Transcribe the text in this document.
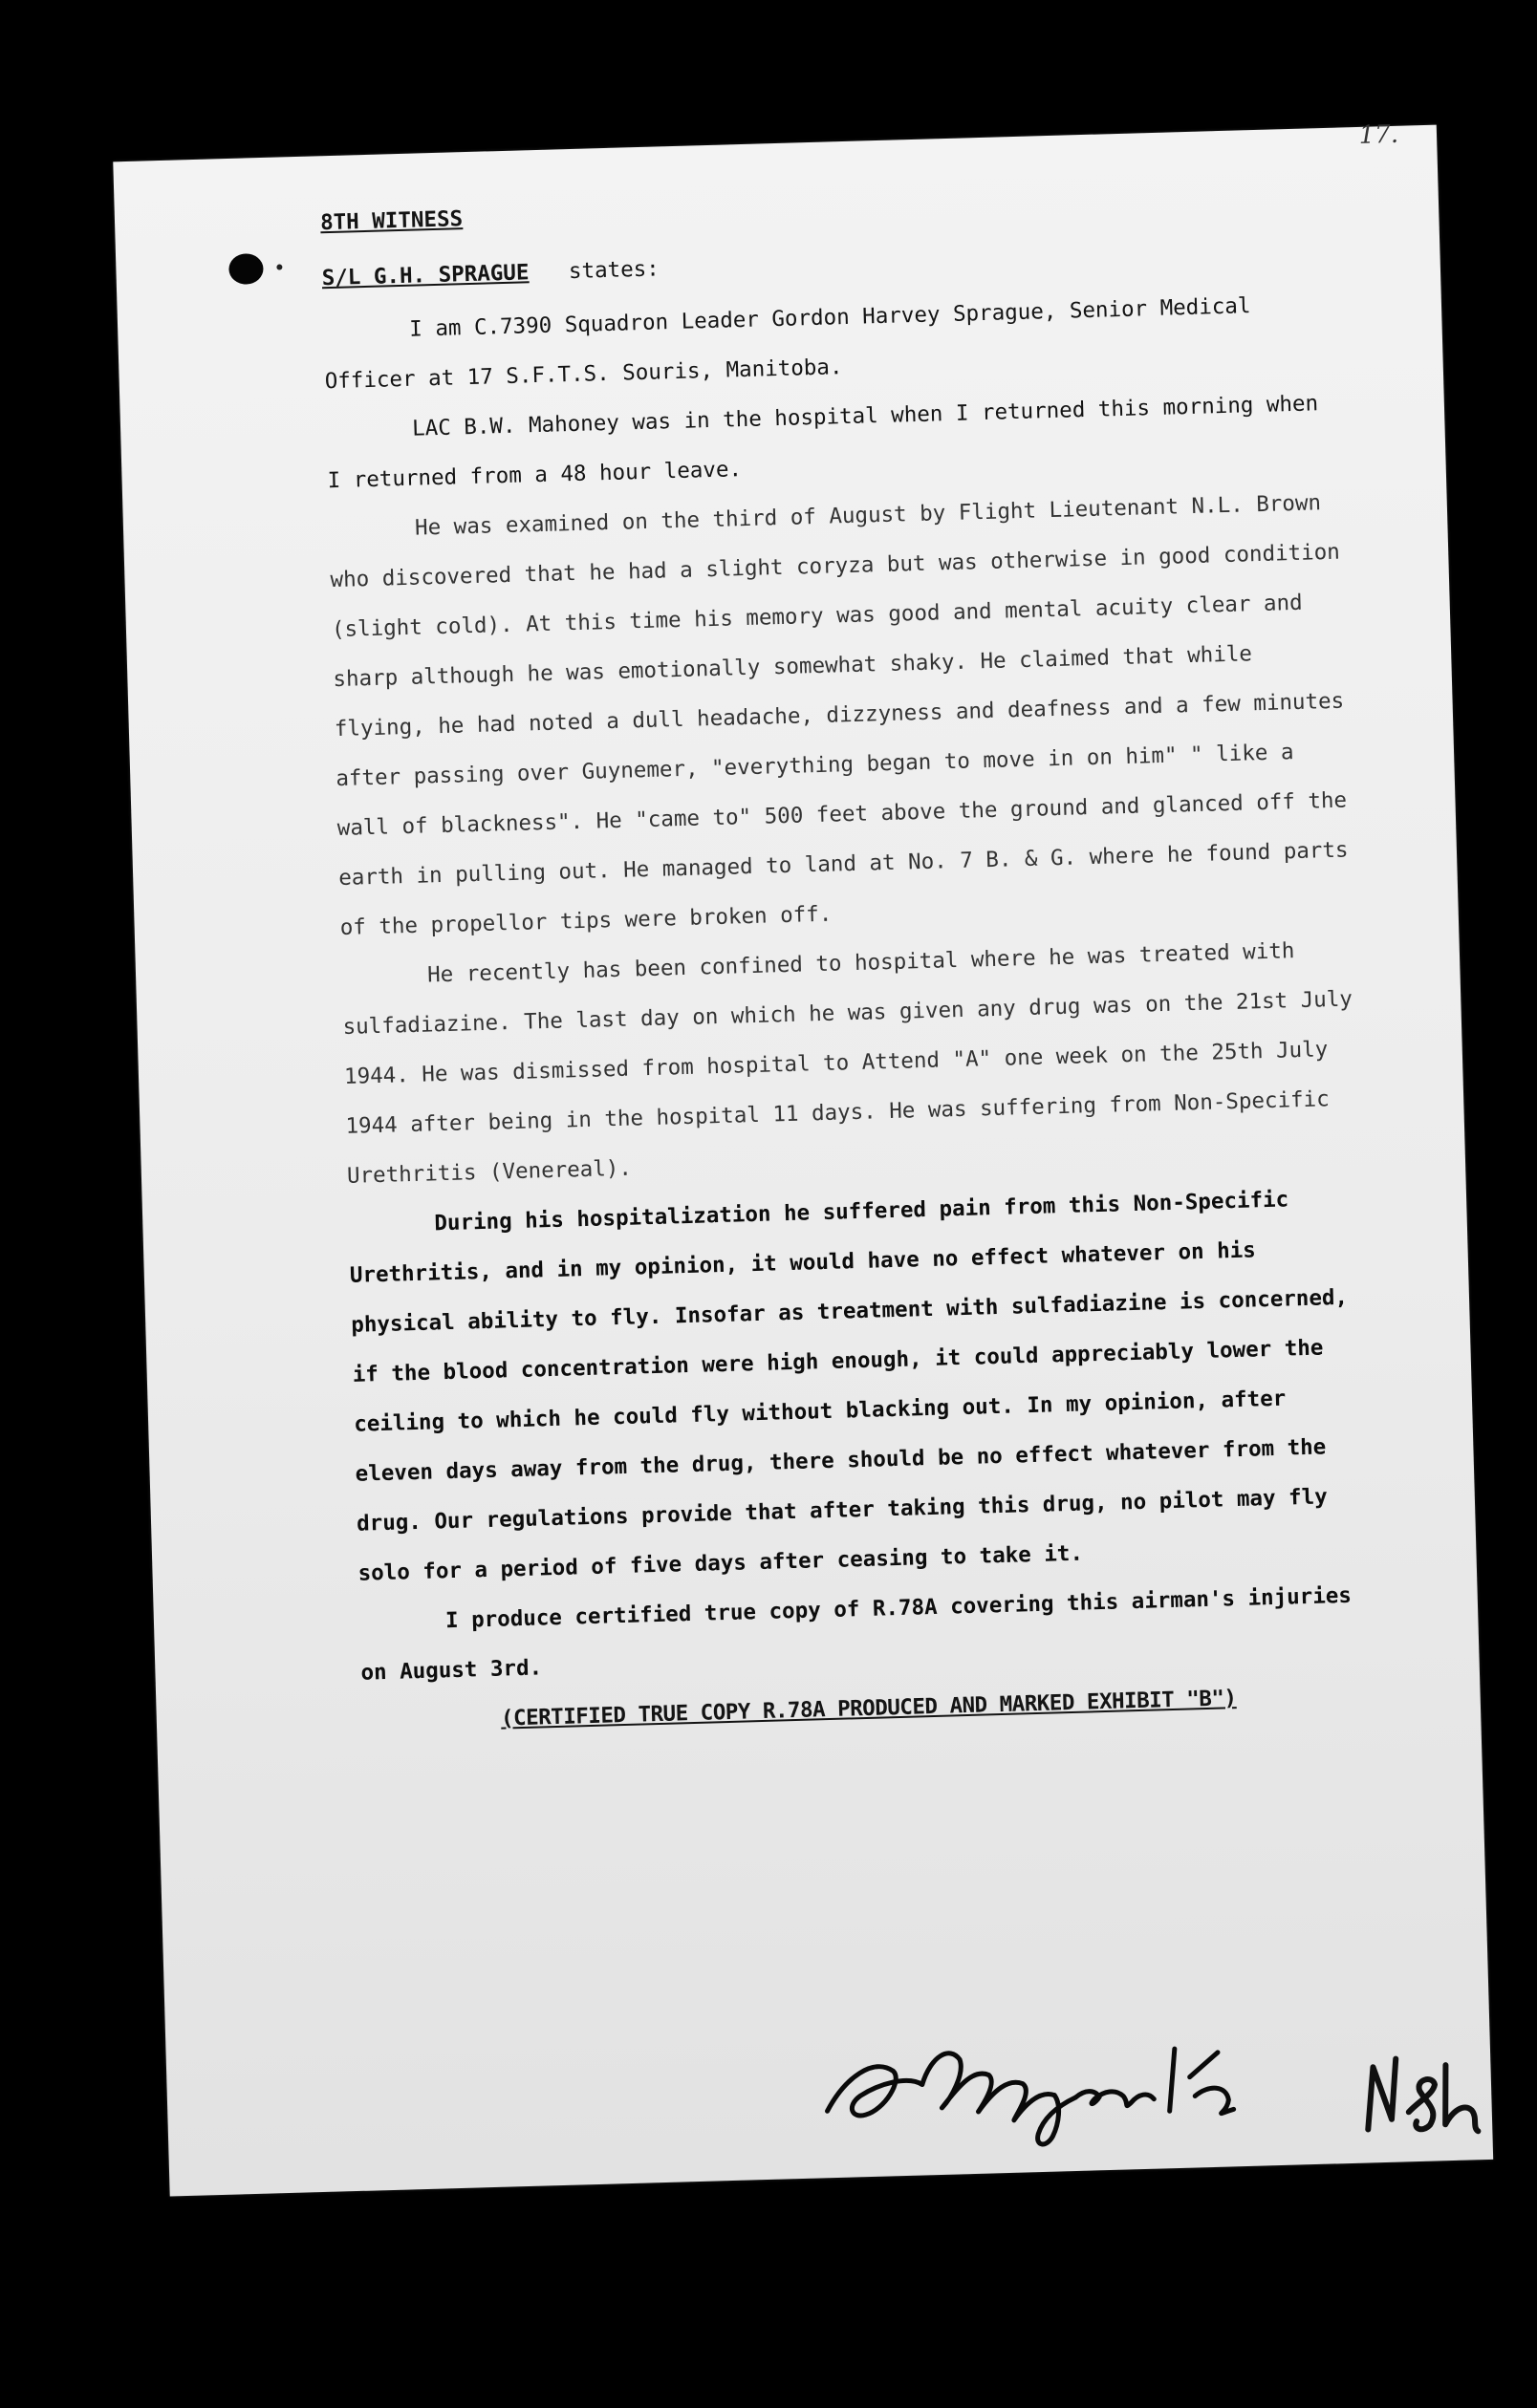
17.

8TH WITNESS

S/L G.H. SPRAGUE states:

I am C.7390 Squadron Leader Gordon Harvey Sprague, Senior Medical Officer at 17 S.F.T.S. Souris, Manitoba.

LAC B.W. Mahoney was in the hospital when I returned this morning when I returned from a 48 hour leave.

He was examined on the third of August by Flight Lieutenant N.L. Brown who discovered that he had a slight coryza but was otherwise in good condition (slight cold). At this time his memory was good and mental acuity clear and sharp although he was emotionally somewhat shaky. He claimed that while flying, he had noted a dull headache, dizzyness and deafness and a few minutes after passing over Guynemer, "everything began to move in on him" " like a wall of blackness". He "came to" 500 feet above the ground and glanced off the earth in pulling out. He managed to land at No. 7 B. & G. where he found parts of the propellor tips were broken off.

He recently has been confined to hospital where he was treated with sulfadiazine. The last day on which he was given any drug was on the 21st July 1944. He was dismissed from hospital to Attend "A" one week on the 25th July 1944 after being in the hospital 11 days. He was suffering from Non-Specific Urethritis (Venereal).

During his hospitalization he suffered pain from this Non-Specific Urethritis, and in my opinion, it would have no effect whatever on his physical ability to fly. Insofar as treatment with sulfadiazine is concerned, if the blood concentration were high enough, it could appreciably lower the ceiling to which he could fly without blacking out. In my opinion, after eleven days away from the drug, there should be no effect whatever from the drug. Our regulations provide that after taking this drug, no pilot may fly solo for a period of five days after ceasing to take it.

I produce certified true copy of R.78A covering this airman's injuries on August 3rd.

(CERTIFIED TRUE COPY R.78A PRODUCED AND MARKED EXHIBIT "B")
